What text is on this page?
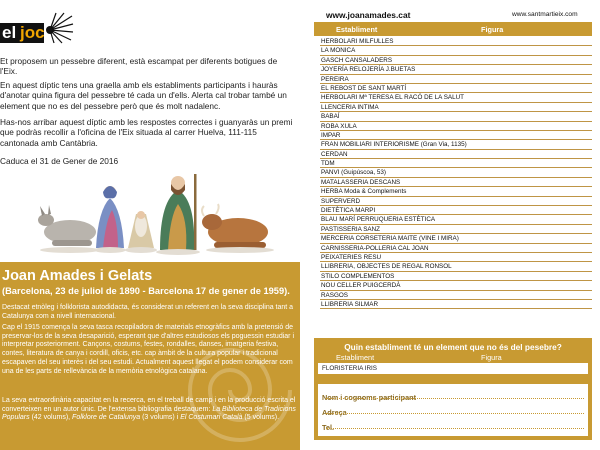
el joc

Et proposem un pessebre diferent, està escampat per diferents botigues de l'Eix.

En aquest díptic tens una graella amb els establiments participants i hauràs d'anotar quina figura del pessebre té cada un d'ells. Alerta cal trobar també un element que no es del pessebre però que és molt nadalenc.

Has-nos arribar aquest díptic amb les respostes correctes i guanyaràs un premi que podràs recollir a l'oficina de l'Eix situada al carrer Huelva, 111-115 cantonada amb Cantàbria.

Caduca el 31 de Gener de 2016

Joan Amades i Gelats
(Barcelona, 23 de juliol de 1890 - Barcelona 17 de gener de 1959).

Destacat etnòleg i folklorista autodidacta, és considerat un referent en la seva disciplina tant a Catalunya com a nivell internacional.

Cap el 1915 comença la seva tasca recopiladora de materials etnogràfics amb la pretensió de preservar-los de la seva desaparició, esperant que d'altres estudiosos els poguessin estudiar i interpretar posteriorment. Cançons, costums, festes, rondalles, danses, imatgeria festiva, contes, literatura de canya i cordill, oficis, etc. cap àmbit de la cultura popular i tradicional escapaven del seu interès i del seu estudi. Actualment aquest llegat el podem considerar com una de les parts de rellevància de la memòria etnològica catalana.

La seva extraordinària capacitat en la recerca, en el treball de camp i en la producció escrita el converteixen en un autor únic. De l'extensa bibliografia destaquem: La Biblioteca de Tradicions Populars (42 volums), Folklore de Catalunya (3 volums) i El Costumari Català (5 volums).

www.joanamades.cat	www.santmartieix.com
Establiment	Figura
HERBOLARI MILFULLES
LA MONICA
GASCH CANSALADERS
JOYERÍA RELOJERÍA J.BUETAS
PEREIRA
EL REBOST DE SANT MARTÍ
HERBOLARI Mª TERESA EL RACÓ DE LA SALUT
LLENCERIA INTIMA
BABAÍ
ROBA XULA
IMPAR
FRAN MOBILIARI INTERIORISME (Gran Via, 1135)
CERDAN
TDM
PANVI (Guipúscoa, 53)
MATALASSERIA DESCANS
HERBA Moda & Complements
SUPERVERD
DIETÈTICA MARPI
BLAU MARÍ PERRUQUERIA ESTÈTICA
PASTISSERIA SANZ
MERCERIA CORSETERIA MAITE (VINE I MIRA)
CARNISSERIA-POLLERIA CAL JOAN
PEIXATERIES RESU
LLIBRERIA, OBJECTES DE REGAL RONSOL
STILO COMPLEMENTOS
NOU CELLER PUIGCERDÀ
RASGOS
LLIBRERIA SILMAR
Quin establiment té un element que no és del pesebre?
Establiment	Figura
FLORISTERIA IRIS
Nom i cognoms participant
Adreça
Tel.
